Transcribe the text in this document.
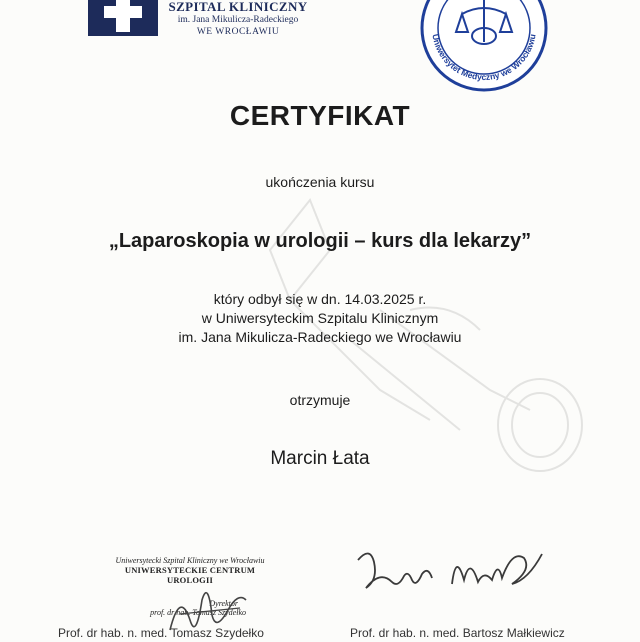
SZPITAL KLINICZNY
im. Jana Mikulicza-Radeckiego
WE WROCŁAWIU
Uniwersytet Medyczny we Wrocławiu
CERTYFIKAT
ukończenia kursu
„Laparoskopia w urologii – kurs dla lekarzy”
który odbył się w dn. 14.03.2025 r.
w Uniwersyteckim Szpitalu Klinicznym
im. Jana Mikulicza-Radeckiego we Wrocławiu
otrzymuje
Marcin Łata
Uniwersytecki Szpital Kliniczny we Wrocławiu
UNIWERSYTECKIE CENTRUM UROLOGII
Dyrektor
prof. dr hab. Tomasz Szydełko
Prof. dr hab. n. med. Tomasz Szydełko	Prof. dr hab. n. med. Bartosz Małkiewicz
